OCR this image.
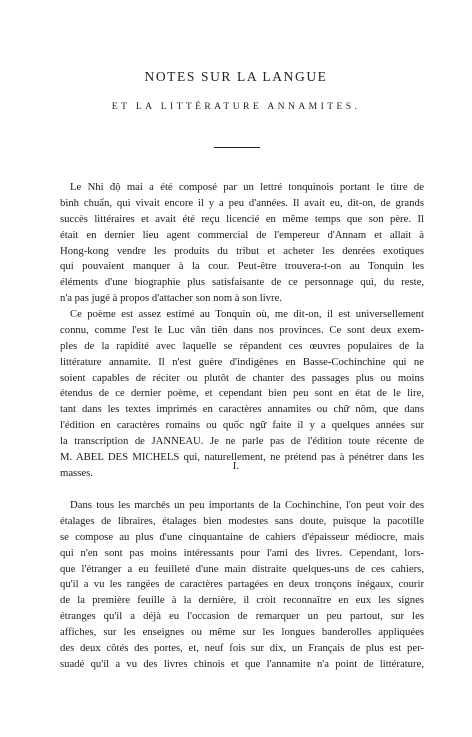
NOTES SUR LA LANGUE
ET LA LITTÉRATURE ANNAMITES.
Le Nhi độ mai a été composé par un lettré tonquinois portant le titre de
binh chuẩn, qui vivait encore il y a peu d'années. Il avait eu, dit-on, de grands
succès littéraires et avait été reçu licencié en même temps que son père. Il
était en dernier lieu agent commercial de l'empereur d'Annam et allait à
Hong-kong vendre les produits du tribut et acheter les denrées exotiques
qui pouvaient manquer à la cour. Peut-être trouvera-t-on au Tonquin les
éléments d'une biographie plus satisfaisante de ce personnage qui, du reste,
n'a pas jugé à propos d'attacher son nom à son livre.
Ce poème est assez estimé au Tonquin où, me dit-on, il est universellement
connu, comme l'est le Luc vân tiên dans nos provinces. Ce sont deux exem-
ples de la rapidité avec laquelle se répandent ces œuvres populaires de la
littérature annamite. Il n'est guère d'indigènes en Basse-Cochinchine qui ne
soient capables de réciter ou plutôt de chanter des passages plus ou moins
étendus de ce dernier poème, et cependant bien peu sont en état de le lire,
tant dans les textes imprimés en caractères annamites ou chữ nôm, que dans
l'édition en caractères romains ou quốc ngữ faite il y a quelques années sur
la transcription de JANNEAU. Je ne parle pas de l'édition toute récente de
M. ABEL DES MICHELS qui, naturellement, ne prétend pas à pénétrer dans les
masses.
I.
Dans tous les marchés un peu importants de la Cochinchine, l'on peut voir des
étalages de libraires, étalages bien modestes sans doute, puisque la pacotille
se compose au plus d'une cinquantaine de cahiers d'épaisseur médiocre, mais
qui n'en sont pas moins intéressants pour l'ami des livres. Cependant, lors-
que l'étranger a eu feuilleté d'une main distraite quelques-uns de ces cahiers,
qu'il a vu les rangées de caractères partagées en deux tronçons inégaux, courir
de la première feuille à la dernière, il croit reconnaître en eux les signes
étranges qu'il a déjà eu l'occasion de remarquer un peu partout, sur les
affiches, sur les enseignes ou même sur les longues banderolles appliquées
des deux côtés des portes, et, neuf fois sur dix, un Français de plus est per-
suadé qu'il a vu des livres chinois et que l'annamite n'a point de littérature,
